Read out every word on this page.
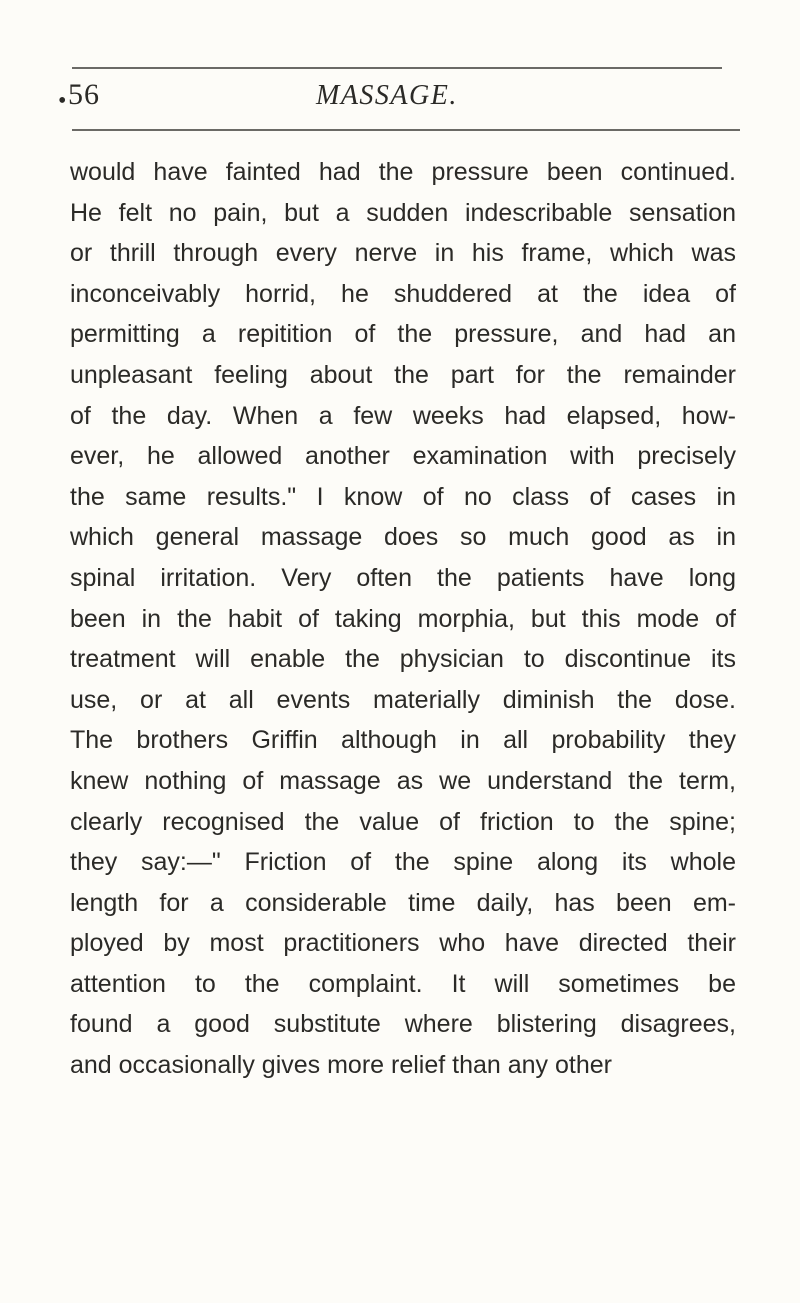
• 56	MASSAGE.
would have fainted had the pressure been continued.
He felt no pain, but a sudden indescribable sensation
or thrill through every nerve in his frame, which was
inconceivably horrid, he shuddered at the idea of
permitting a repitition of the pressure, and had an
unpleasant feeling about the part for the remainder
of the day. When a few weeks had elapsed, how-
ever, he allowed another examination with precisely
the same results." I know of no class of cases in
which general massage does so much good as in
spinal irritation. Very often the patients have long
been in the habit of taking morphia, but this mode of
treatment will enable the physician to discontinue its
use, or at all events materially diminish the dose.
The brothers Griffin although in all probability they
knew nothing of massage as we understand the term,
clearly recognised the value of friction to the spine;
they say:—" Friction of the spine along its whole
length for a considerable time daily, has been em-
ployed by most practitioners who have directed their
attention to the complaint. It will sometimes be
found a good substitute where blistering disagrees,
and occasionally gives more relief than any other
